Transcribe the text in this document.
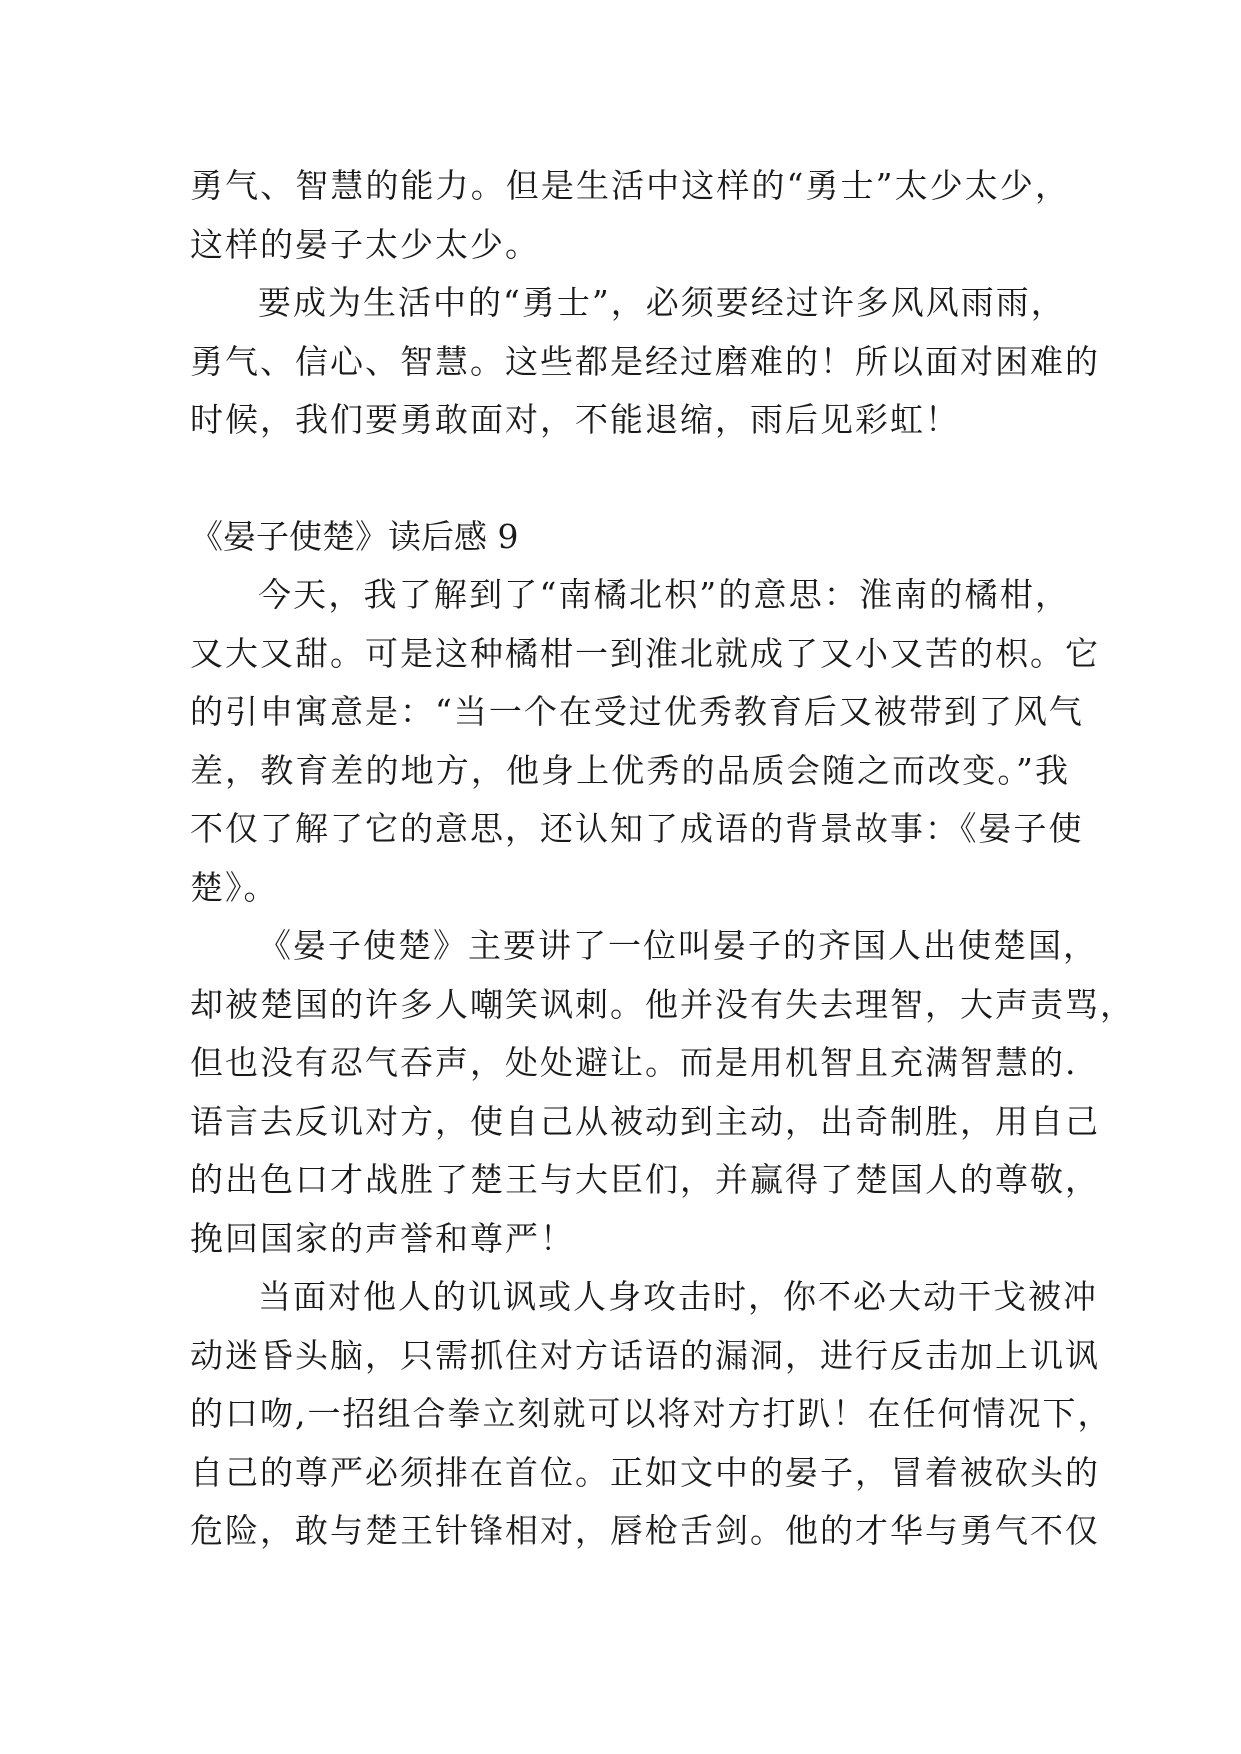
勇气、智慧的能力。但是生活中这样的“勇士”太少太少，
这样的晏子太少太少。
要成为生活中的“勇士”，必须要经过许多风风雨雨，
勇气、信心、智慧。这些都是经过磨难的！所以面对困难的
时候，我们要勇敢面对，不能退缩，雨后见彩虹！
《晏子使楚》读后感 9
今天，我了解到了“南橘北枳”的意思：淮南的橘柑，
又大又甜。可是这种橘柑一到淮北就成了又小又苦的枳。它
的引申寓意是：“当一个在受过优秀教育后又被带到了风气
差，教育差的地方，他身上优秀的品质会随之而改变。”我
不仅了解了它的意思，还认知了成语的背景故事：《晏子使
楚》。
《晏子使楚》主要讲了一位叫晏子的齐国人出使楚国，
却被楚国的许多人嘲笑讽刺。他并没有失去理智，大声责骂，
但也没有忍气吞声，处处避让。而是用机智且充满智慧的.
语言去反讥对方，使自己从被动到主动，出奇制胜，用自己
的出色口才战胜了楚王与大臣们，并赢得了楚国人的尊敬，
挽回国家的声誉和尊严！
当面对他人的讥讽或人身攻击时，你不必大动干戈被冲
动迷昏头脑，只需抓住对方话语的漏洞，进行反击加上讥讽
的口吻,一招组合拳立刻就可以将对方打趴！在任何情况下，
自己的尊严必须排在首位。正如文中的晏子，冒着被砍头的
危险，敢与楚王针锋相对，唇枪舌剑。他的才华与勇气不仅
